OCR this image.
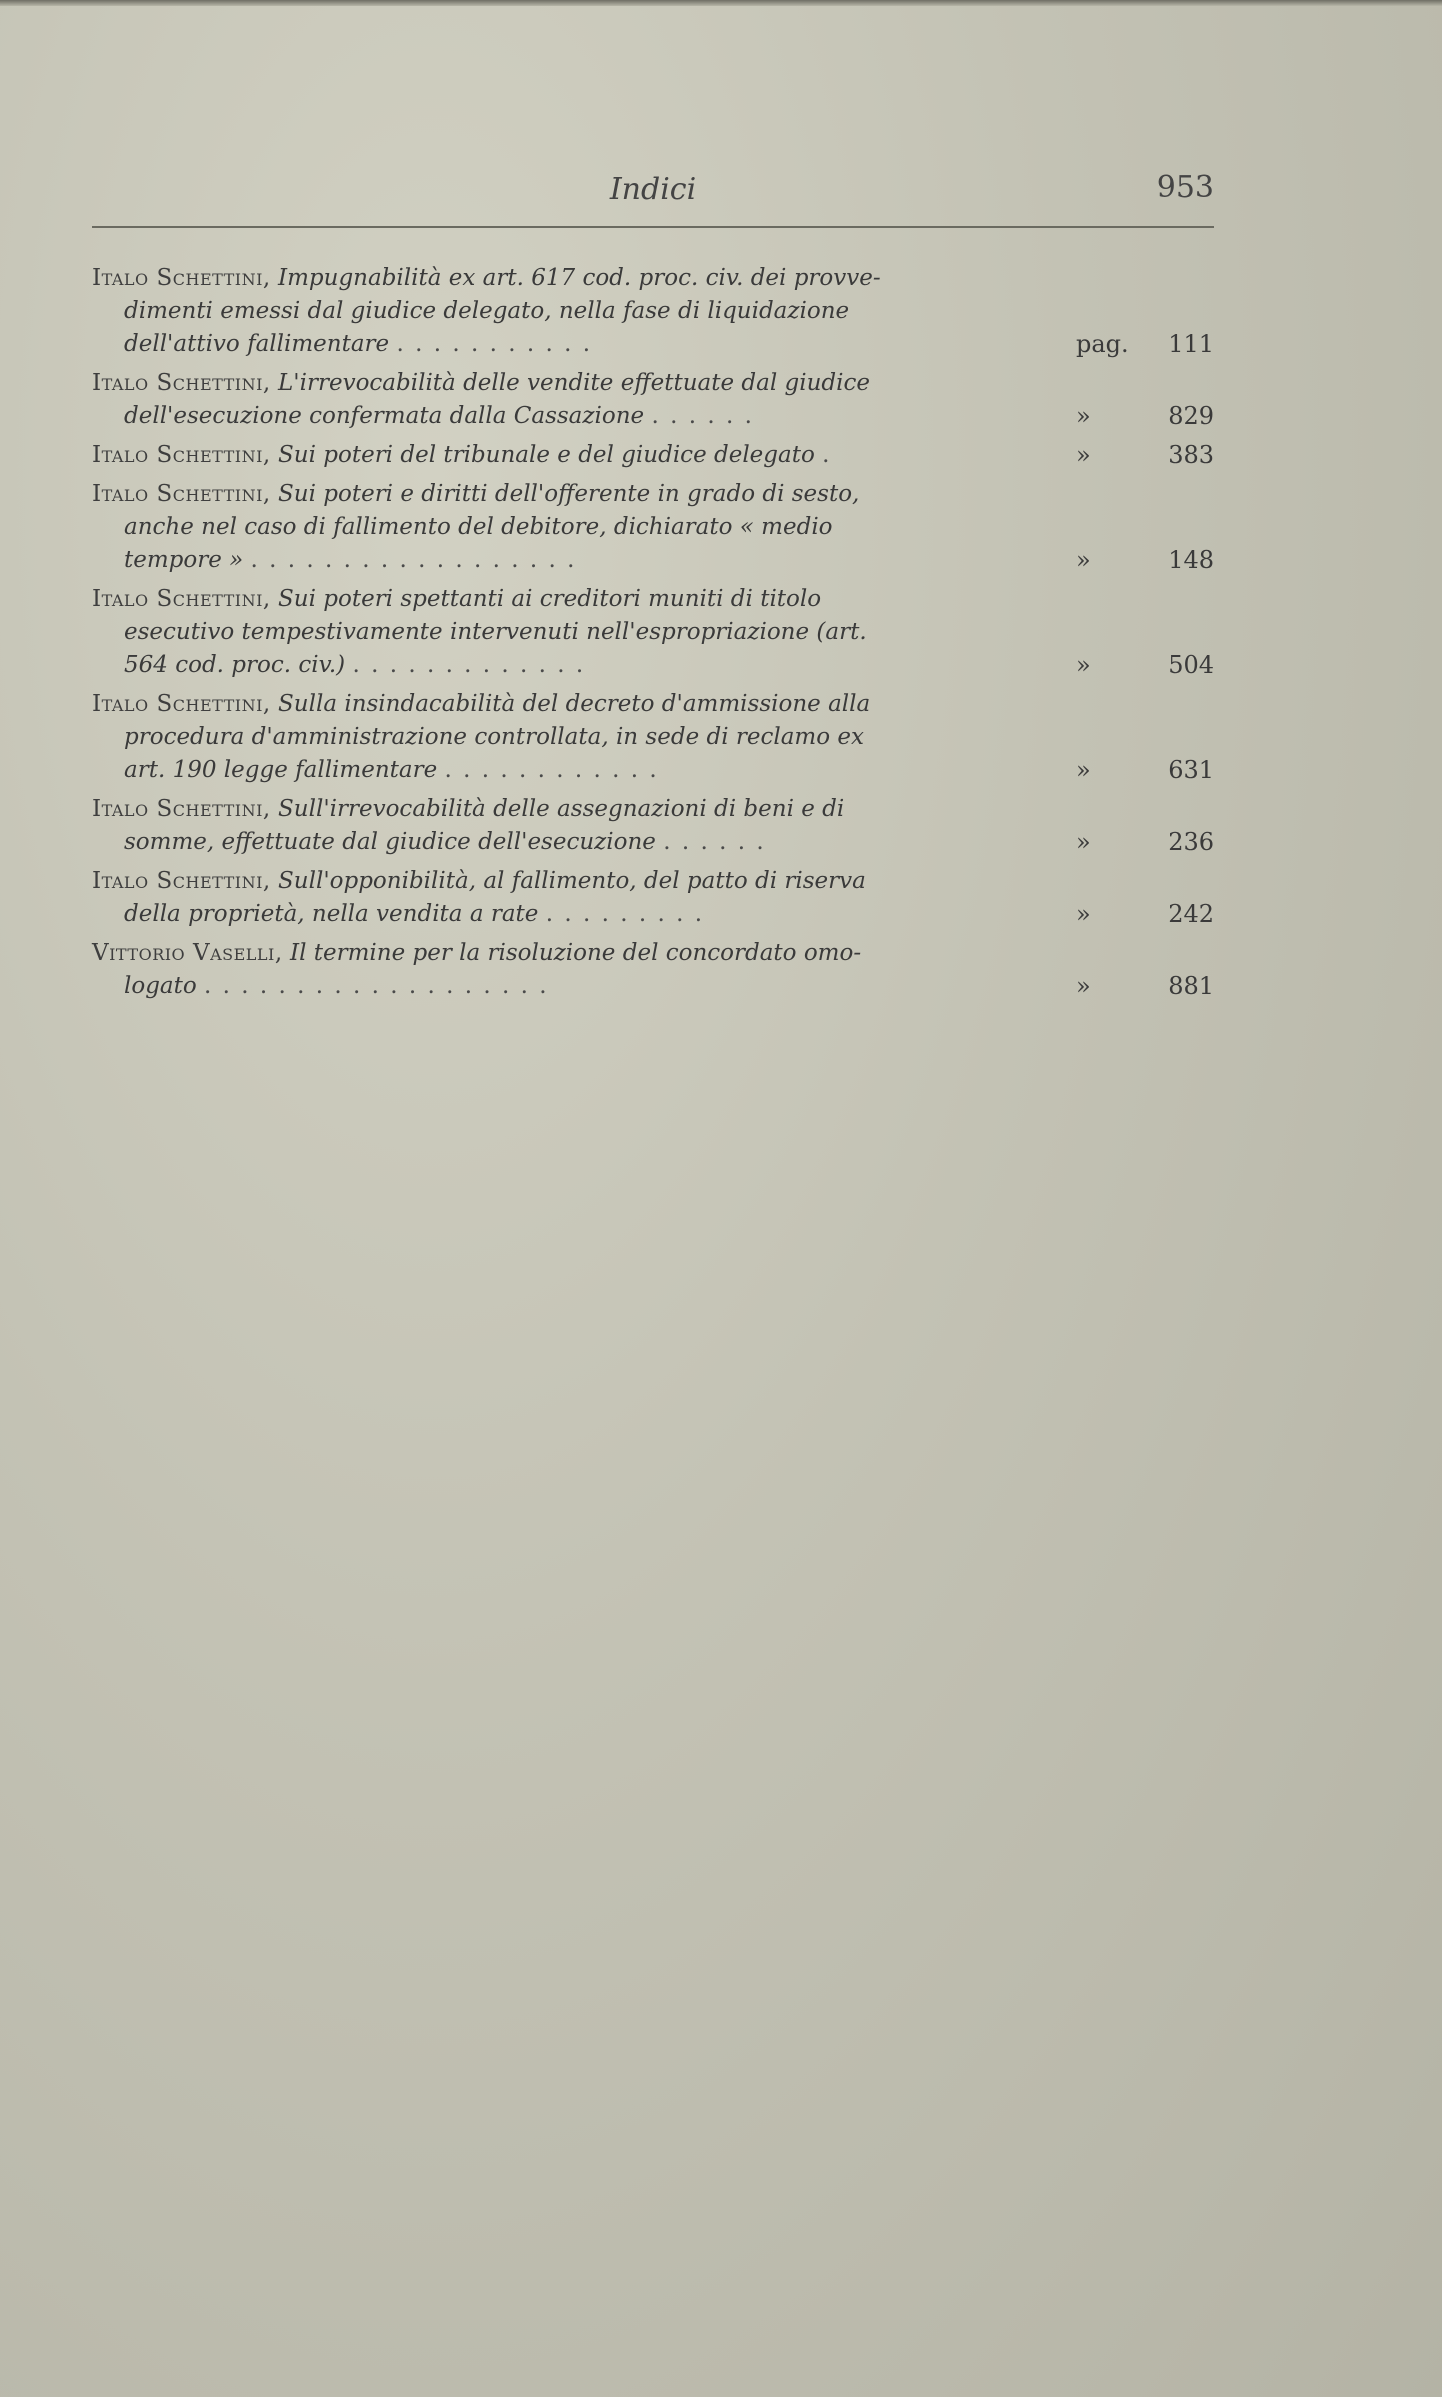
Indici	953
Italo Schettini, Impugnabilità ex art. 617 cod. proc. civ. dei provve-
dimenti emessi dal giudice delegato, nella fase di liquidazione
dell'attivo fallimentare . . . . . . . . . . .	pag. 111
Italo Schettini, L'irrevocabilità delle vendite effettuate dal giudice
dell'esecuzione confermata dalla Cassazione . . . . . .	»	829
Italo Schettini, Sui poteri del tribunale e del giudice delegato .	»	383
Italo Schettini, Sui poteri e diritti dell'offerente in grado di sesto,
anche nel caso di fallimento del debitore, dichiarato « medio
tempore » . . . . . . . . . . . . . . . . . .	»	148
Italo Schettini, Sui poteri spettanti ai creditori muniti di titolo
esecutivo tempestivamente intervenuti nell'espropriazione (art.
564 cod. proc. civ.) . . . . . . . . . . . . .	»	504
Italo Schettini, Sulla insindacabilità del decreto d'ammissione alla
procedura d'amministrazione controllata, in sede di reclamo ex
art. 190 legge fallimentare . . . . . . . . . . . .	»	631
Italo Schettini, Sull'irrevocabilità delle assegnazioni di beni e di
somme, effettuate dal giudice dell'esecuzione . . . . . .	»	236
Italo Schettini, Sull'opponibilità, al fallimento, del patto di riserva
della proprietà, nella vendita a rate . . . . . . . . .	»	242
Vittorio Vaselli, Il termine per la risoluzione del concordato omo-
logato . . . . . . . . . . . . . . . . . . .	»	881
